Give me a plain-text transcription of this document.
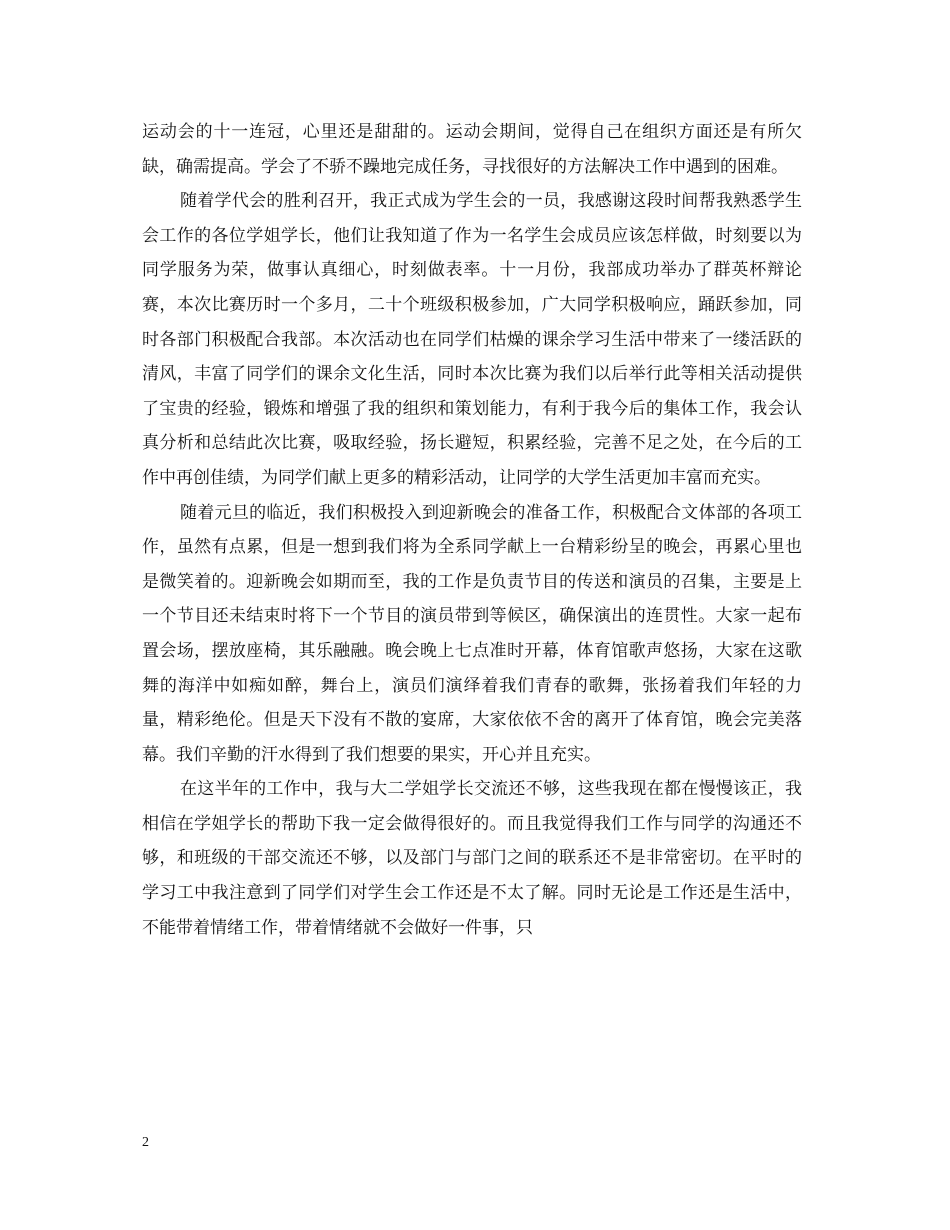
运动会的十一连冠，心里还是甜甜的。运动会期间，觉得自己在组织方面还是有所欠缺，确需提高。学会了不骄不躁地完成任务，寻找很好的方法解决工作中遇到的困难。

随着学代会的胜利召开，我正式成为学生会的一员，我感谢这段时间帮我熟悉学生会工作的各位学姐学长，他们让我知道了作为一名学生会成员应该怎样做，时刻要以为同学服务为荣，做事认真细心，时刻做表率。十一月份，我部成功举办了群英杯辩论赛，本次比赛历时一个多月，二十个班级积极参加，广大同学积极响应，踊跃参加，同时各部门积极配合我部。本次活动也在同学们枯燥的课余学习生活中带来了一缕活跃的清风，丰富了同学们的课余文化生活，同时本次比赛为我们以后举行此等相关活动提供了宝贵的经验，锻炼和增强了我的组织和策划能力，有利于我今后的集体工作，我会认真分析和总结此次比赛，吸取经验，扬长避短，积累经验，完善不足之处，在今后的工作中再创佳绩，为同学们献上更多的精彩活动，让同学的大学生活更加丰富而充实。

随着元旦的临近，我们积极投入到迎新晚会的准备工作，积极配合文体部的各项工作，虽然有点累，但是一想到我们将为全系同学献上一台精彩纷呈的晚会，再累心里也是微笑着的。迎新晚会如期而至，我的工作是负责节目的传送和演员的召集，主要是上一个节目还未结束时将下一个节目的演员带到等候区，确保演出的连贯性。大家一起布置会场，摆放座椅，其乐融融。晚会晚上七点准时开幕，体育馆歌声悠扬，大家在这歌舞的海洋中如痴如醉，舞台上，演员们演绎着我们青春的歌舞，张扬着我们年轻的力量，精彩绝伦。但是天下没有不散的宴席，大家依依不舍的离开了体育馆，晚会完美落幕。我们辛勤的汗水得到了我们想要的果实，开心并且充实。

在这半年的工作中，我与大二学姐学长交流还不够，这些我现在都在慢慢该正，我相信在学姐学长的帮助下我一定会做得很好的。而且我觉得我们工作与同学的沟通还不够，和班级的干部交流还不够，以及部门与部门之间的联系还不是非常密切。在平时的学习工中我注意到了同学们对学生会工作还是不太了解。同时无论是工作还是生活中，不能带着情绪工作，带着情绪就不会做好一件事，只

2
